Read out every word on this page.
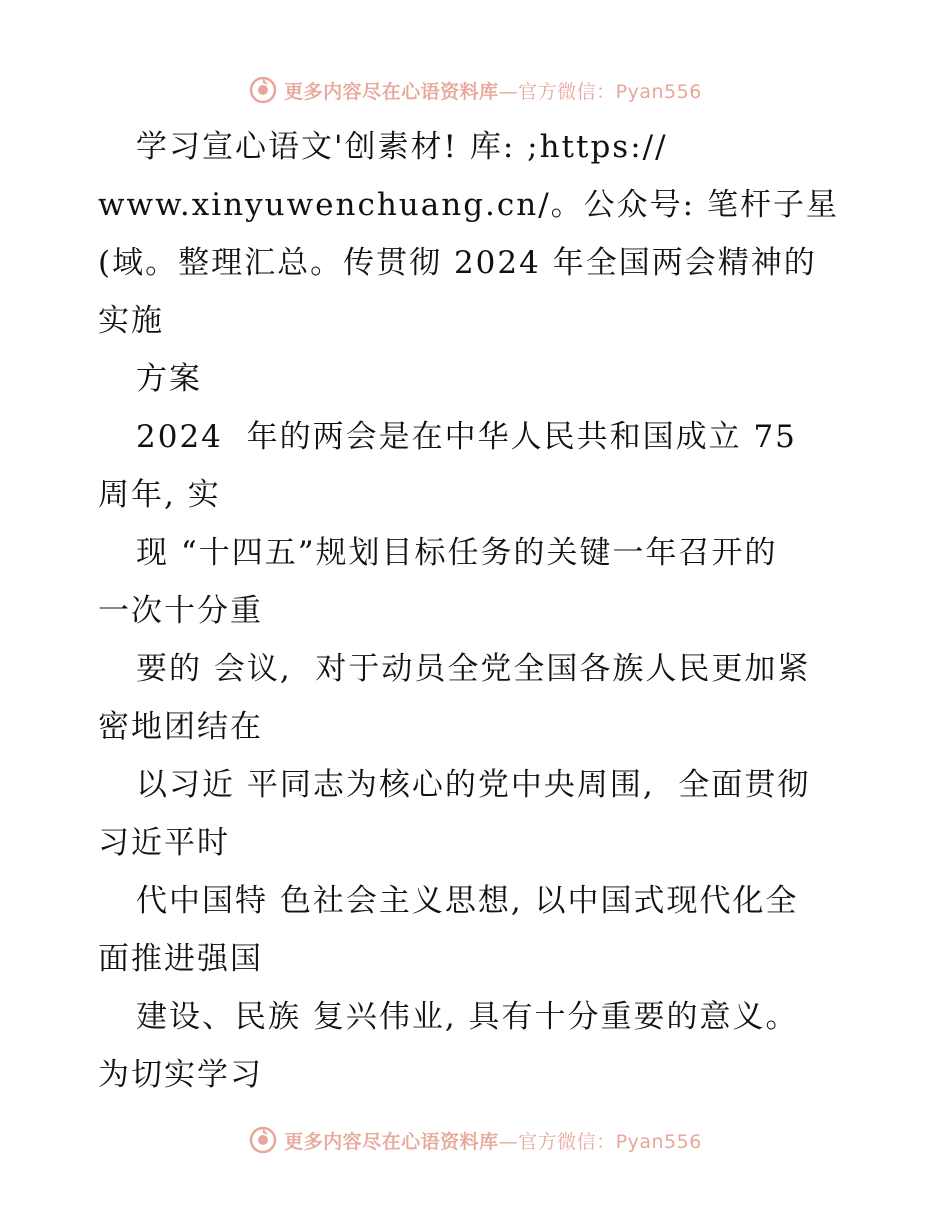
更多内容尽在心语资料库 —官方微信：Pyan556
学习宣心语文'创素材! 库: ;https://
www.xinyuwenchuang.cn/。公众号: 笔杆子星
(域。整理汇总。传贯彻 2024 年全国两会精神的
实施
方案
2024  年的两会是在中华人民共和国成立 75
周年, 实
现 “十四五”规划目标任务的关键一年召开的
一次十分重
要的 会议,  对于动员全党全国各族人民更加紧
密地团结在
以习近 平同志为核心的党中央周围,  全面贯彻
习近平时
代中国特 色社会主义思想, 以中国式现代化全
面推进强国
建设、民族 复兴伟业, 具有十分重要的意义。
为切实学习
更多内容尽在心语资料库 —官方微信：Pyan556
